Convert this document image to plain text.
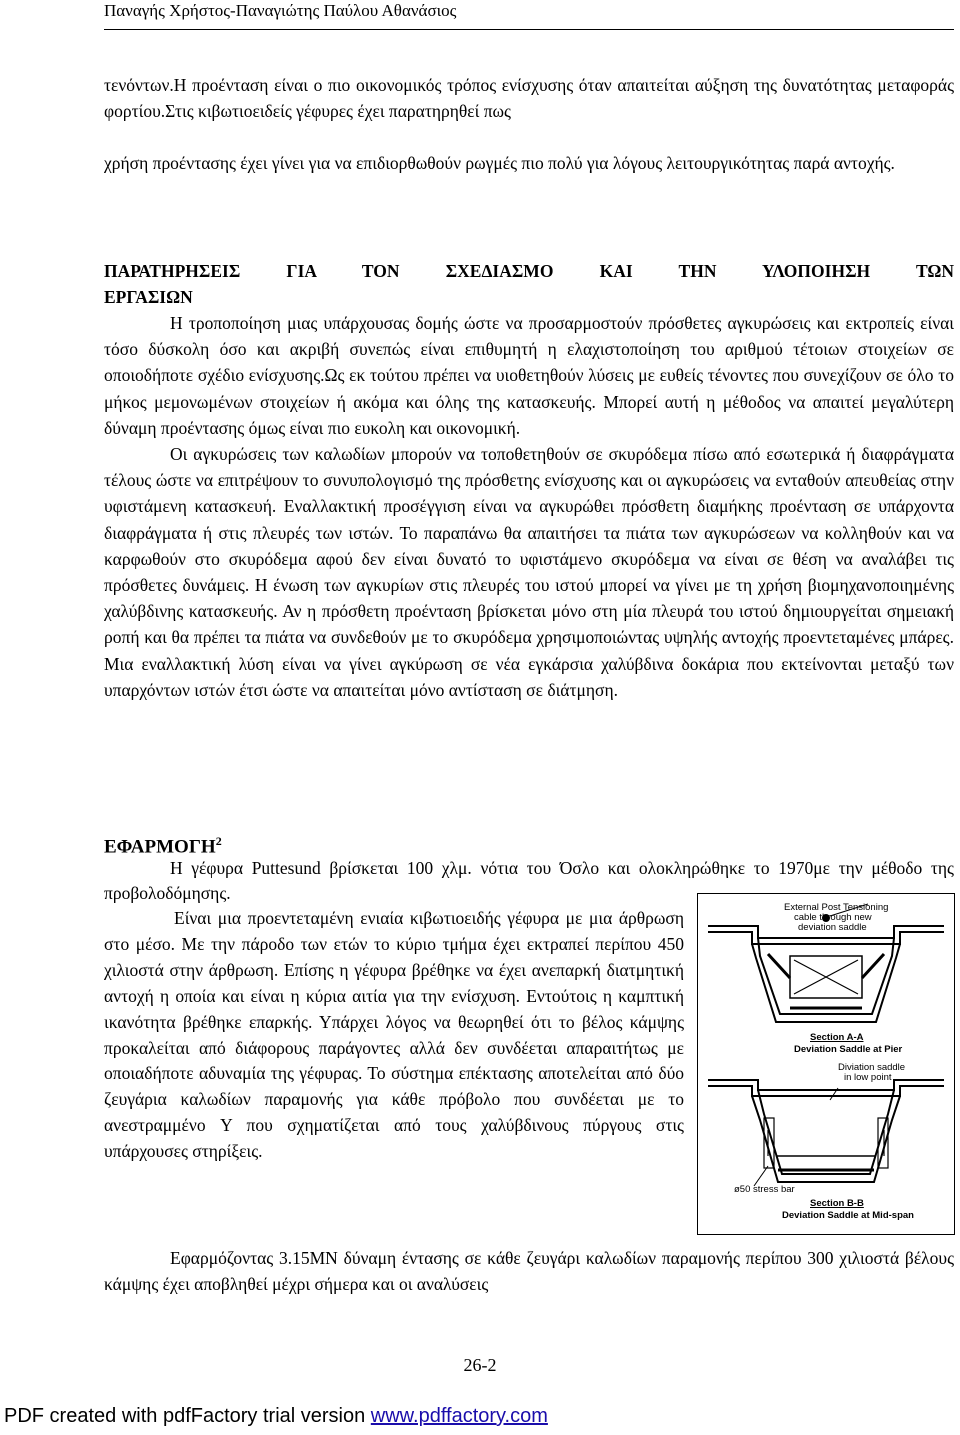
Παναγής Χρήστος-Παναγιώτης Παύλου Αθανάσιος

τενόντων.Η προένταση είναι ο πιο οικονομικός τρόπος ενίσχυσης όταν απαιτείται αύξηση της δυνατότητας μεταφοράς φορτίου.Στις κιβωτιοειδείς γέφυρες έχει παρατηρηθεί πως

χρήση προέντασης έχει γίνει για να επιδιορθωθούν ρωγμές πιο πολύ για λόγους λειτουργικότητας παρά αντοχής.

ΠΑΡΑΤΗΡΗΣΕΙΣ ΓΙΑ ΤΟΝ ΣΧΕΔΙΑΣΜΟ ΚΑΙ ΤΗΝ ΥΛΟΠΟΙΗΣΗ ΤΩΝ
ΕΡΓΑΣΙΩΝ

Η τροποποίηση μιας υπάρχουσας δομής ώστε να προσαρμοστούν πρόσθετες αγκυρώσεις και εκτροπείς είναι τόσο δύσκολη όσο και ακριβή συνεπώς είναι επιθυμητή η ελαχιστοποίηση του αριθμού τέτοιων στοιχείων σε οποιοδήποτε σχέδιο ενίσχυσης.Ως εκ τούτου πρέπει να υιοθετηθούν λύσεις με ευθείς τένοντες που συνεχίζουν σε όλο το μήκος μεμονωμένων στοιχείων ή ακόμα και όλης της κατασκευής. Μπορεί αυτή η μέθοδος να απαιτεί μεγαλύτερη δύναμη προέντασης όμως είναι πιο ευκολη και οικονομική.

Οι αγκυρώσεις των καλωδίων μπορούν να τοποθετηθούν σε σκυρόδεμα πίσω από εσωτερικά ή διαφράγματα τέλους ώστε να επιτρέψουν το συνυπολογισμό της πρόσθετης ενίσχυσης και οι αγκυρώσεις να ενταθούν απευθείας στην υφιστάμενη κατασκευή. Εναλλακτική προσέγγιση είναι να αγκυρώθει πρόσθετη διαμήκης προένταση σε υπάρχοντα διαφράγματα ή στις πλευρές των ιστών. Το παραπάνω θα απαιτήσει τα πιάτα των αγκυρώσεων να κολληθούν και να καρφωθούν στο σκυρόδεμα αφού δεν είναι δυνατό το υφιστάμενο σκυρόδεμα να είναι σε θέση να αναλάβει τις πρόσθετες δυνάμεις. Η ένωση των αγκυρίων στις πλευρές του ιστού μπορεί να γίνει με τη χρήση βιομηχανοποιημένης χαλύβδινης κατασκευής. Αν η πρόσθετη προένταση βρίσκεται μόνο στη μία πλευρά του ιστού δημιουργείται σημειακή ροπή και θα πρέπει τα πιάτα να συνδεθούν με το σκυρόδεμα χρησιμοποιώντας υψηλής αντοχής προεντεταμένες μπάρες. Μια εναλλακτική λύση είναι να γίνει αγκύρωση σε νέα εγκάρσια χαλύβδινα δοκάρια που εκτείνονται μεταξύ των υπαρχόντων ιστών έτσι ώστε να απαιτείται μόνο αντίσταση σε διάτμηση.

ΕΦΑΡΜΟΓΗ$^2$

Η γέφυρα Puttesund βρίσκεται 100 χλμ. νότια του Όσλο και ολοκληρώθηκε το 1970με την μέθοδο της προβολοδόμησης.

Είναι μια προεντεταμένη ενιαία κιβωτιοειδής γέφυρα με μια άρθρωση στο μέσο. Με την πάροδο των ετών το κύριο τμήμα έχει εκτραπεί περίπου 450 χιλιοστά στην άρθρωση. Επίσης η γέφυρα βρέθηκε να έχει ανεπαρκή διατμητική αντοχή η οποία και είναι η κύρια αιτία για την ενίσχυση. Εντούτοις η καμπτική ικανότητα βρέθηκε επαρκής. Υπάρχει λόγος να θεωρηθεί ότι το βέλος κάμψης προκαλείται από διάφορους παράγοντες αλλά δεν συνδέεται απαραιτήτως με οποιαδήποτε αδυναμία της γέφυρας. Το σύστημα επέκτασης αποτελείται από δύο ζευγάρια καλωδίων παραμονής για κάθε πρόβολο που συνδέεται με το ανεστραμμένο Y που σχηματίζεται από τους χαλύβδινους πύργους στις υπάρχουσες στηρίξεις.

External Post Tensioning
cable through new
deviation saddle
Section A-A
Deviation Saddle at Pier
Diviation saddle
in low point
ø50 stress bar
Section B-B
Deviation Saddle at Mid-span

Εφαρμόζοντας 3.15MN δύναμη έντασης σε κάθε ζευγάρι καλωδίων παραμονής περίπου 300 χιλιοστά βέλους κάμψης έχει αποβληθεί μέχρι σήμερα και οι αναλύσεις

26-2
PDF created with pdfFactory trial version www.pdffactory.com
